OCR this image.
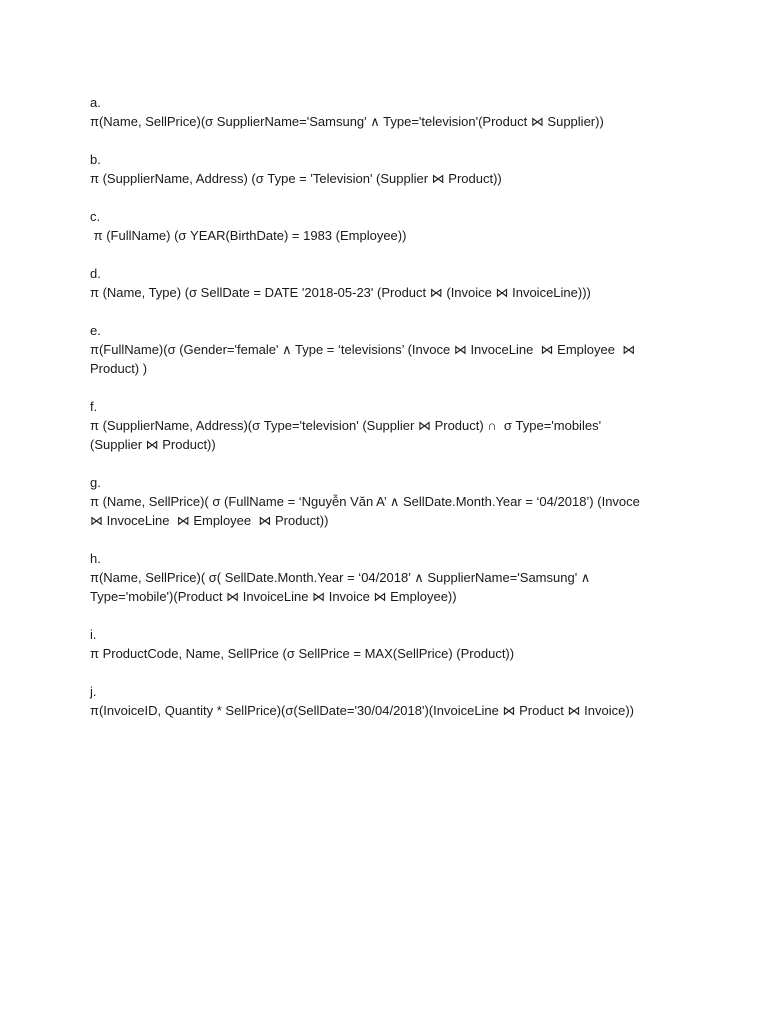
a.
π(Name, SellPrice)(σ SupplierName='Samsung' ∧ Type='television'(Product ⋈ Supplier))
b.
π (SupplierName, Address) (σ Type = 'Television' (Supplier ⋈ Product))
c.
π (FullName) (σ YEAR(BirthDate) = 1983 (Employee))
d.
π (Name, Type) (σ SellDate = DATE '2018-05-23' (Product ⋈ (Invoice ⋈ InvoiceLine)))
e.
π(FullName)(σ (Gender='female' ∧ Type = ‘televisions’ (Invoce ⋈ InvoceLine  ⋈ Employee  ⋈
Product) )
f.
π (SupplierName, Address)(σ Type='television' (Supplier ⋈ Product) ∩  σ Type='mobiles'
(Supplier ⋈ Product))
g.
π (Name, SellPrice)( σ (FullName = ‘Nguyễn Văn A’ ∧ SellDate.Month.Year = ‘04/2018’) (Invoce
⋈ InvoceLine  ⋈ Employee  ⋈ Product))
h.
π(Name, SellPrice)( σ( SellDate.Month.Year = ‘04/2018’ ∧ SupplierName='Samsung' ∧
Type='mobile')(Product ⋈ InvoiceLine ⋈ Invoice ⋈ Employee))
i.
π ProductCode, Name, SellPrice (σ SellPrice = MAX(SellPrice) (Product))
j.
π(InvoiceID, Quantity * SellPrice)(σ(SellDate='30/04/2018')(InvoiceLine ⋈ Product ⋈ Invoice))
